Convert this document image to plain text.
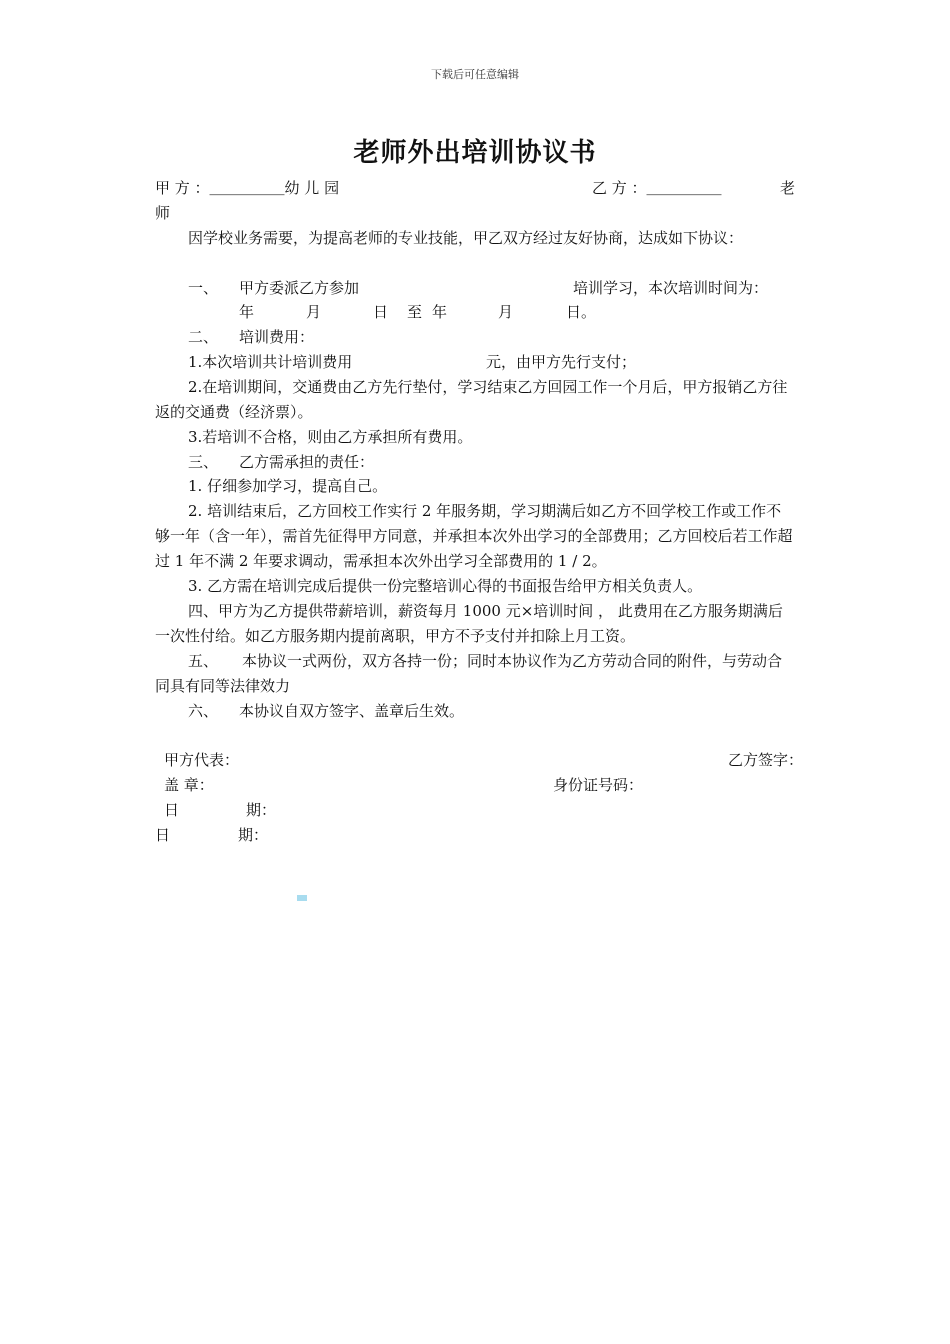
下载后可任意编辑
老师外出培训协议书
甲 方 ：＿＿＿＿＿幼 儿 园	乙 方 ：＿＿＿＿＿	老
师
因学校业务需要，为提高老师的专业技能，甲乙双方经过友好协商，达成如下协议：
一、 甲方委派乙方参加	培训学习，本次培训时间为：
年	月	日 至 年	月	日。
二、 培训费用：
1.本次培训共计培训费用	元，由甲方先行支付；
2.在培训期间，交通费由乙方先行垫付，学习结束乙方回园工作一个月后，甲方报销乙方往返的交通费（经济票）。
3.若培训不合格，则由乙方承担所有费用。
三、 乙方需承担的责任：
1. 仔细参加学习，提高自己。
2. 培训结束后，乙方回校工作实行 2 年服务期，学习期满后如乙方不回学校工作或工作不够一年（含一年），需首先征得甲方同意，并承担本次外出学习的全部费用；乙方回校后若工作超过 1 年不满 2 年要求调动，需承担本次外出学习全部费用的 1 / 2。
3. 乙方需在培训完成后提供一份完整培训心得的书面报告给甲方相关负责人。
四、甲方为乙方提供带薪培训，薪资每月 1000 元×培训时间 ， 此费用在乙方服务期满后一次性付给。如乙方服务期内提前离职，甲方不予支付并扣除上月工资。
五、 本协议一式两份，双方各持一份；同时本协议作为乙方劳动合同的附件，与劳动合同具有同等法律效力
六、 本协议自双方签字、盖章后生效。
甲方代表：	乙方签字：
盖 章：	身份证号码：
日	期：
日	期：
